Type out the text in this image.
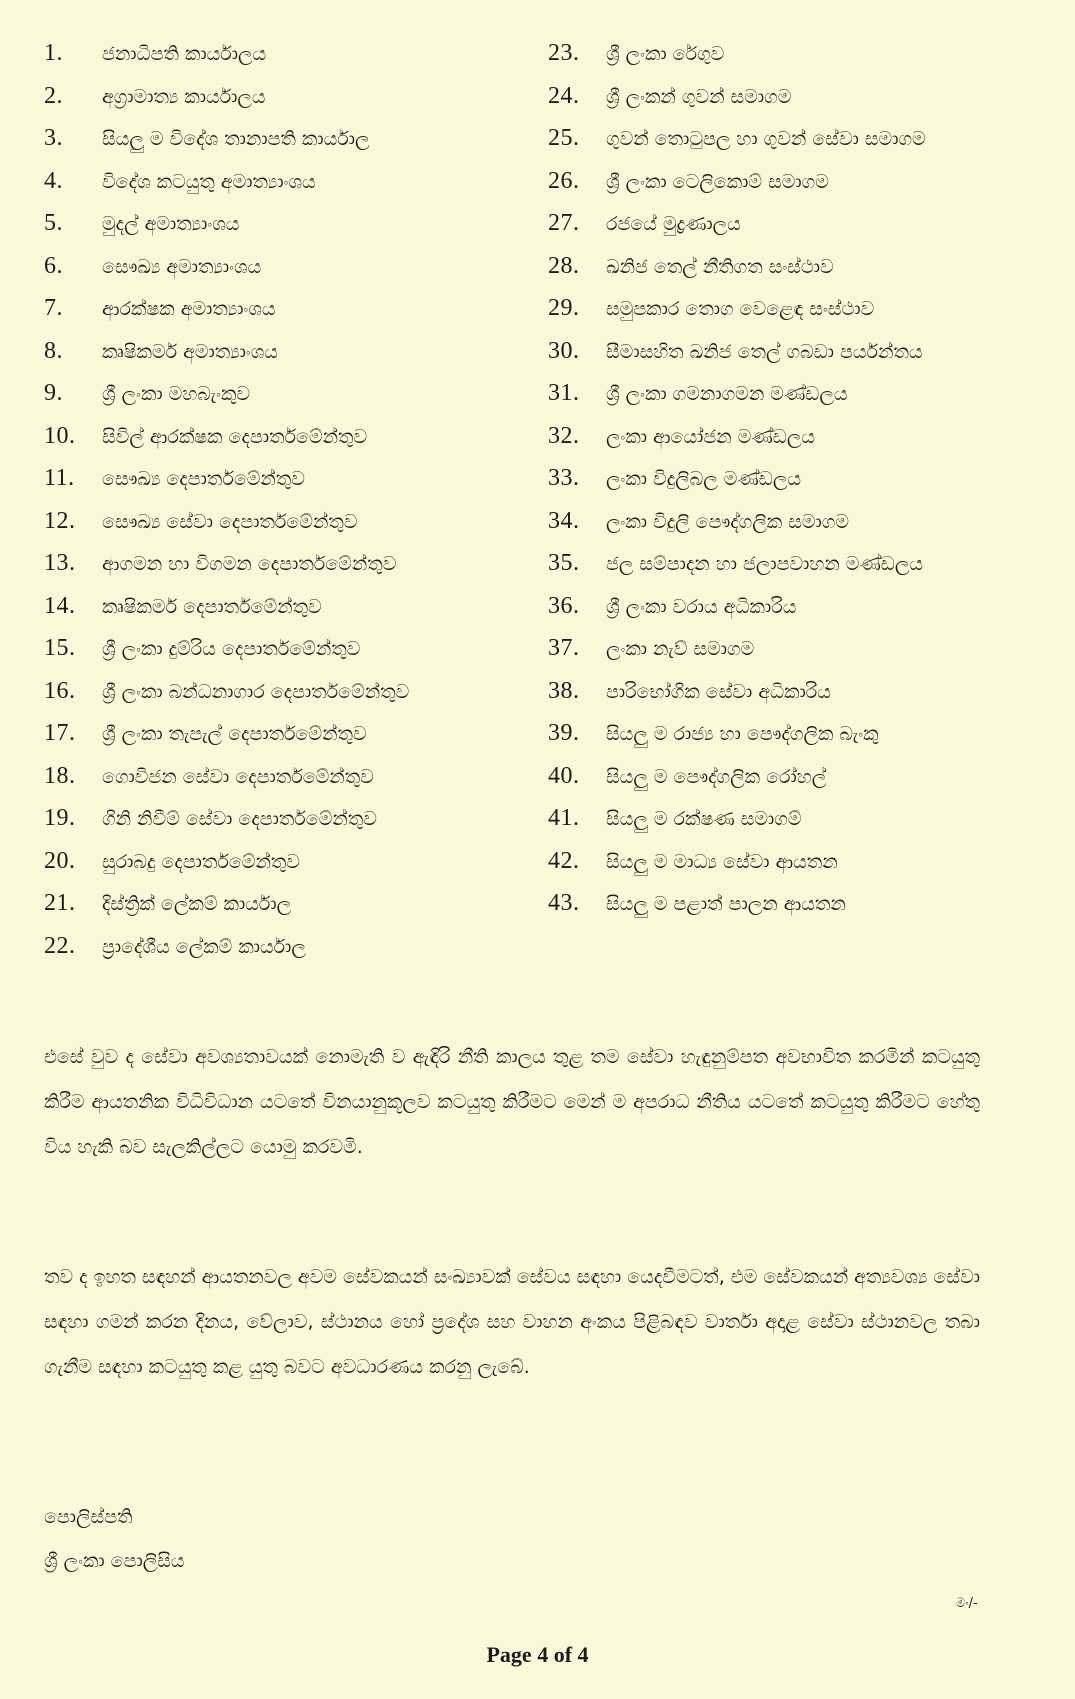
1.	ජනාධිපති කාර්යාලය
2.	අග්‍රාමාත්‍ය කාර්යාලය
3.	සියලු ම විදේශ තානාපති කාර්යාල
4.	විදේශ කටයුතු අමාත්‍යාංශය
5.	මුදල් අමාත්‍යාංශය
6.	සෞඛ්‍ය අමාත්‍යාංශය
7.	ආරක්ෂක අමාත්‍යාංශය
8.	කෘෂිකර්ම අමාත්‍යාංශය
9.	ශ්‍රී ලංකා මහබැංකුව
10.	සිවිල් ආරක්ෂක දෙපාර්තමේන්තුව
11.	සෞඛ්‍ය දෙපාර්තමේන්තුව
12.	සෞඛ්‍ය සේවා දෙපාර්තමේන්තුව
13.	ආගමන හා විගමන දෙපාර්තමේන්තුව
14.	කෘෂිකර්ම දෙපාර්තමේන්තුව
15.	ශ්‍රී ලංකා දුම්රිය දෙපාර්තමේන්තුව
16.	ශ්‍රී ලංකා බන්ධනාගාර දෙපාර්තමේන්තුව
17.	ශ්‍රී ලංකා තැපැල් දෙපාර්තමේන්තුව
18.	ගොවිජන සේවා දෙපාර්තමේන්තුව
19.	ගිනි නිවීම් සේවා දෙපාර්තමේන්තුව
20.	සුරාබදු දෙපාර්තමේන්තුව
21.	දිස්ත්‍රික් ලේකම් කාර්යාල
22.	ප්‍රාදේශීය ලේකම් කාර්යාල
23.	ශ්‍රී ලංකා රේගුව
24.	ශ්‍රී ලංකන් ගුවන් සමාගම
25.	ගුවන් තොටුපල හා ගුවන් සේවා සමාගම
26.	ශ්‍රී ලංකා ටෙලිකොම් සමාගම
27.	රජයේ මුද්‍රණාලය
28.	ඛනිජ තෙල් නීතිගත සංස්ථාව
29.	සමුපකාර තොග වෙළෙඳ සංස්ථාව
30.	සීමාසහිත ඛනිජ තෙල් ගබඩා පර්යන්තය
31.	ශ්‍රී ලංකා ගමනාගමන මණ්ඩලය
32.	ලංකා ආයෝජන මණ්ඩලය
33.	ලංකා විදුලිබල මණ්ඩලය
34.	ලංකා විදුලි පෞද්ගලික සමාගම
35.	ජල සම්පාදන හා ජලාපවාහන මණ්ඩලය
36.	ශ්‍රී ලංකා වරාය අධිකාරිය
37.	ලංකා නැව් සමාගම
38.	පාරිභෝගික සේවා අධිකාරිය
39.	සියලු ම රාජ්‍ය හා පෞද්ගලික බැංකු
40.	සියලු ම පෞද්ගලික රෝහල්
41.	සියලු ම රක්ෂණ සමාගම්
42.	සියලු ම මාධ්‍ය සේවා ආයතන
43.	සියලු ම පළාත් පාලන ආයතන

එසේ වුව ද සේවා අවශ්‍යතාවයක් නොමැති ව ඇඳිරි නීති කාලය තුළ තම සේවා හැඳුනුම්පත අවභාවිත කරමින් කටයුතු කිරීම ආයතනික විධිවිධාන යටතේ විනයානුකූලව කටයුතු කිරීමට මෙන් ම අපරාධ නීතිය යටතේ කටයුතු කිරීමට හේතු විය හැකි බව සැලකිල්ලට යොමු කරවමි.

තව ද ඉහත සඳහන් ආයතනවල අවම සේවකයන් සංඛ්‍යාවක් සේවය සඳහා යෙදවීමටත්, එම සේවකයන් අත්‍යවශ්‍ය සේවා සඳහා ගමන් කරන දිනය, වේලාව, ස්ථානය හෝ ප්‍රදේශ සහ වාහන අංකය පිළිබඳව වාර්තා අදාළ සේවා ස්ථානවල තබා ගැනීම සඳහා කටයුතු කළ යුතු බවට අවධාරණය කරනු ලැබේ.

පොලිස්පති
ශ්‍රී ලංකා පොලිසිය
මං/-
Page 4 of 4
